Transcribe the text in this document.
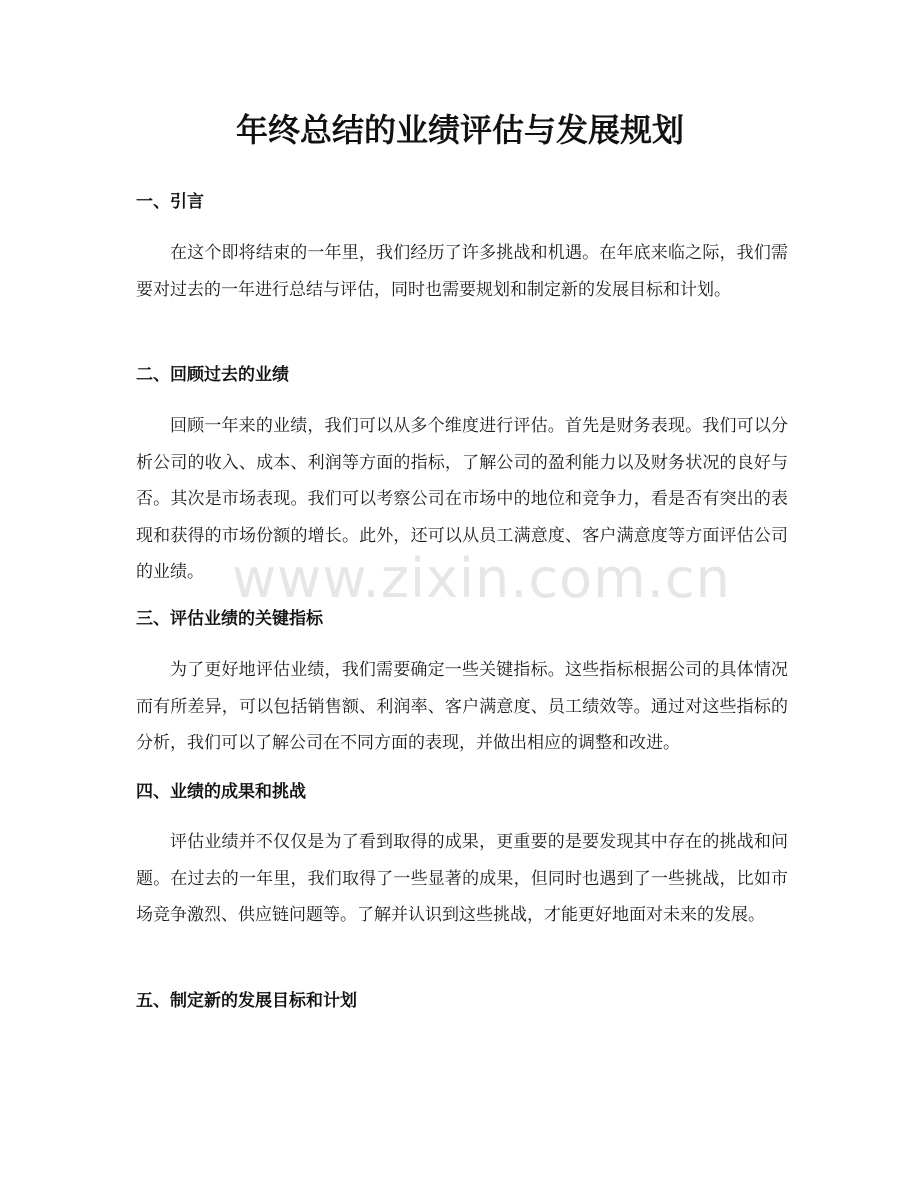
年终总结的业绩评估与发展规划
一、引言

在这个即将结束的一年里，我们经历了许多挑战和机遇。在年底来临之际，我们需要对过去的一年进行总结与评估，同时也需要规划和制定新的发展目标和计划。

二、回顾过去的业绩

回顾一年来的业绩，我们可以从多个维度进行评估。首先是财务表现。我们可以分析公司的收入、成本、利润等方面的指标，了解公司的盈利能力以及财务状况的良好与否。其次是市场表现。我们可以考察公司在市场中的地位和竞争力，看是否有突出的表现和获得的市场份额的增长。此外，还可以从员工满意度、客户满意度等方面评估公司的业绩。

三、评估业绩的关键指标

为了更好地评估业绩，我们需要确定一些关键指标。这些指标根据公司的具体情况而有所差异，可以包括销售额、利润率、客户满意度、员工绩效等。通过对这些指标的分析，我们可以了解公司在不同方面的表现，并做出相应的调整和改进。

四、业绩的成果和挑战

评估业绩并不仅仅是为了看到取得的成果，更重要的是要发现其中存在的挑战和问题。在过去的一年里，我们取得了一些显著的成果，但同时也遇到了一些挑战，比如市场竞争激烈、供应链问题等。了解并认识到这些挑战，才能更好地面对未来的发展。

五、制定新的发展目标和计划
www.zixin.com.cn
